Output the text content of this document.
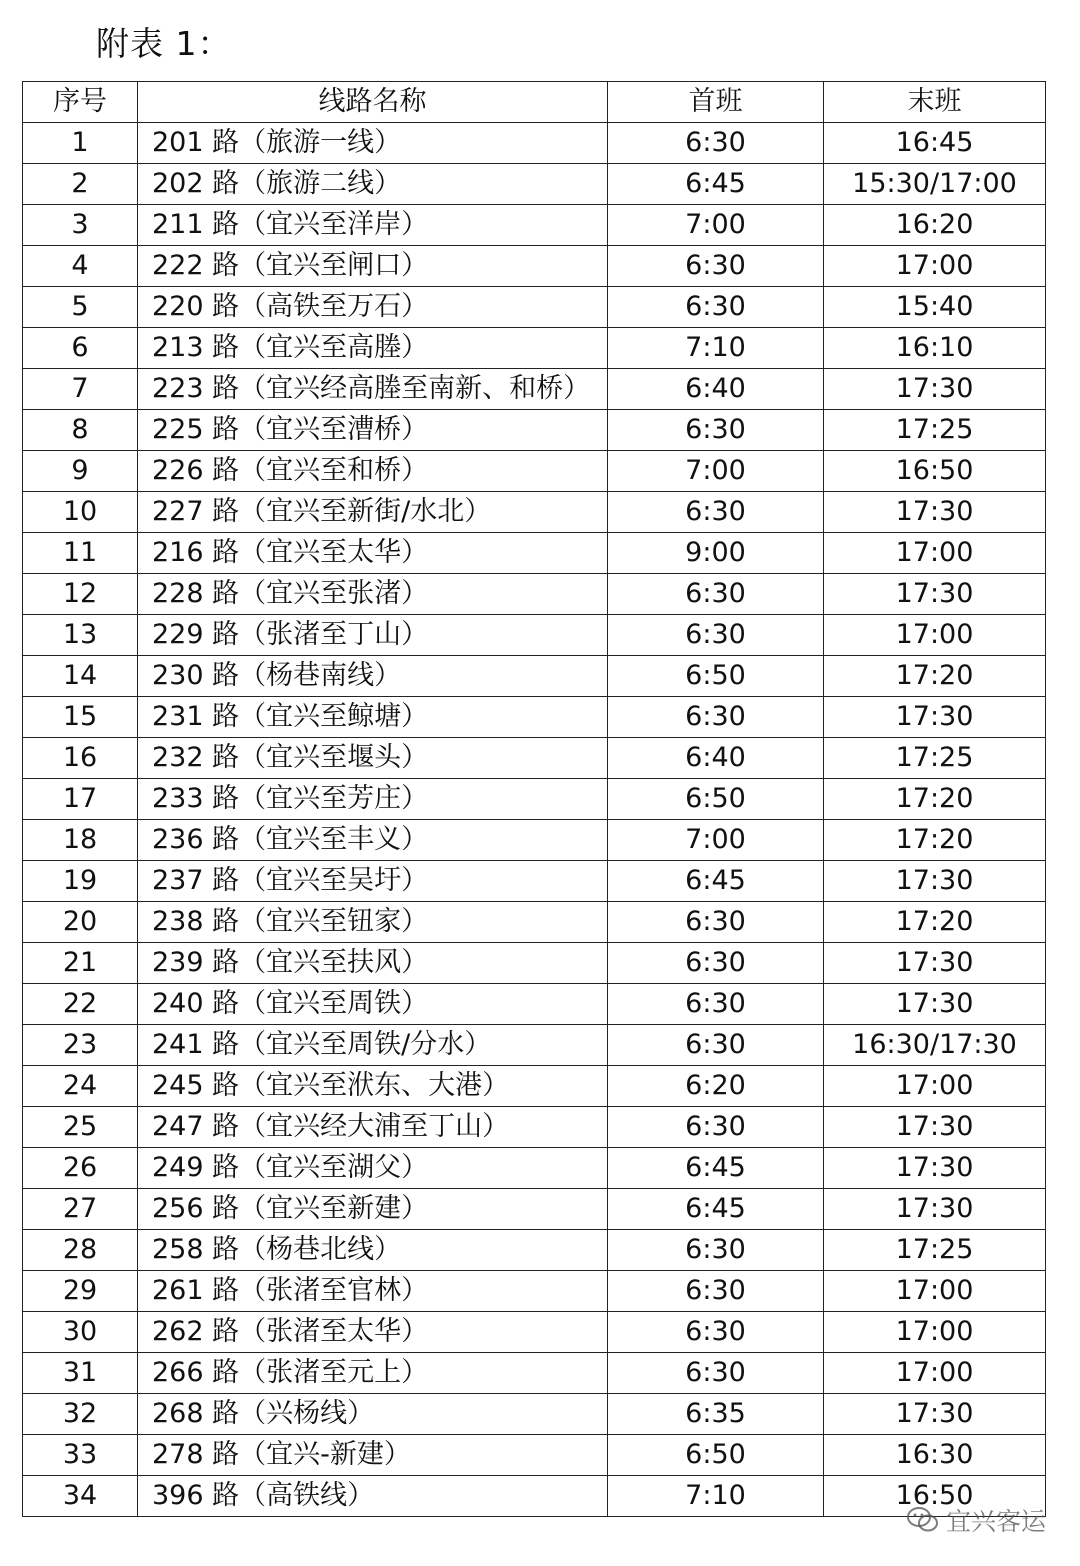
附表 1：
序号	线路名称	首班	末班
1	201 路（旅游一线）	6:30	16:45
2	202 路（旅游二线）	6:45	15:30/17:00
3	211 路（宜兴至洋岸）	7:00	16:20
4	222 路（宜兴至闸口）	6:30	17:00
5	220 路（高铁至万石）	6:30	15:40
6	213 路（宜兴至高塍）	7:10	16:10
7	223 路（宜兴经高塍至南新、和桥）	6:40	17:30
8	225 路（宜兴至漕桥）	6:30	17:25
9	226 路（宜兴至和桥）	7:00	16:50
10	227 路（宜兴至新街/水北）	6:30	17:30
11	216 路（宜兴至太华）	9:00	17:00
12	228 路（宜兴至张渚）	6:30	17:30
13	229 路（张渚至丁山）	6:30	17:00
14	230 路（杨巷南线）	6:50	17:20
15	231 路（宜兴至鲸塘）	6:30	17:30
16	232 路（宜兴至堰头）	6:40	17:25
17	233 路（宜兴至芳庄）	6:50	17:20
18	236 路（宜兴至丰义）	7:00	17:20
19	237 路（宜兴至吴圩）	6:45	17:30
20	238 路（宜兴至钮家）	6:30	17:20
21	239 路（宜兴至扶风）	6:30	17:30
22	240 路（宜兴至周铁）	6:30	17:30
23	241 路（宜兴至周铁/分水）	6:30	16:30/17:30
24	245 路（宜兴至洑东、大港）	6:20	17:00
25	247 路（宜兴经大浦至丁山）	6:30	17:30
26	249 路（宜兴至湖父）	6:45	17:30
27	256 路（宜兴至新建）	6:45	17:30
28	258 路（杨巷北线）	6:30	17:25
29	261 路（张渚至官林）	6:30	17:00
30	262 路（张渚至太华）	6:30	17:00
31	266 路（张渚至元上）	6:30	17:00
32	268 路（兴杨线）	6:35	17:30
33	278 路（宜兴-新建）	6:50	16:30
34	396 路（高铁线）	7:10	16:50
宜兴客运
